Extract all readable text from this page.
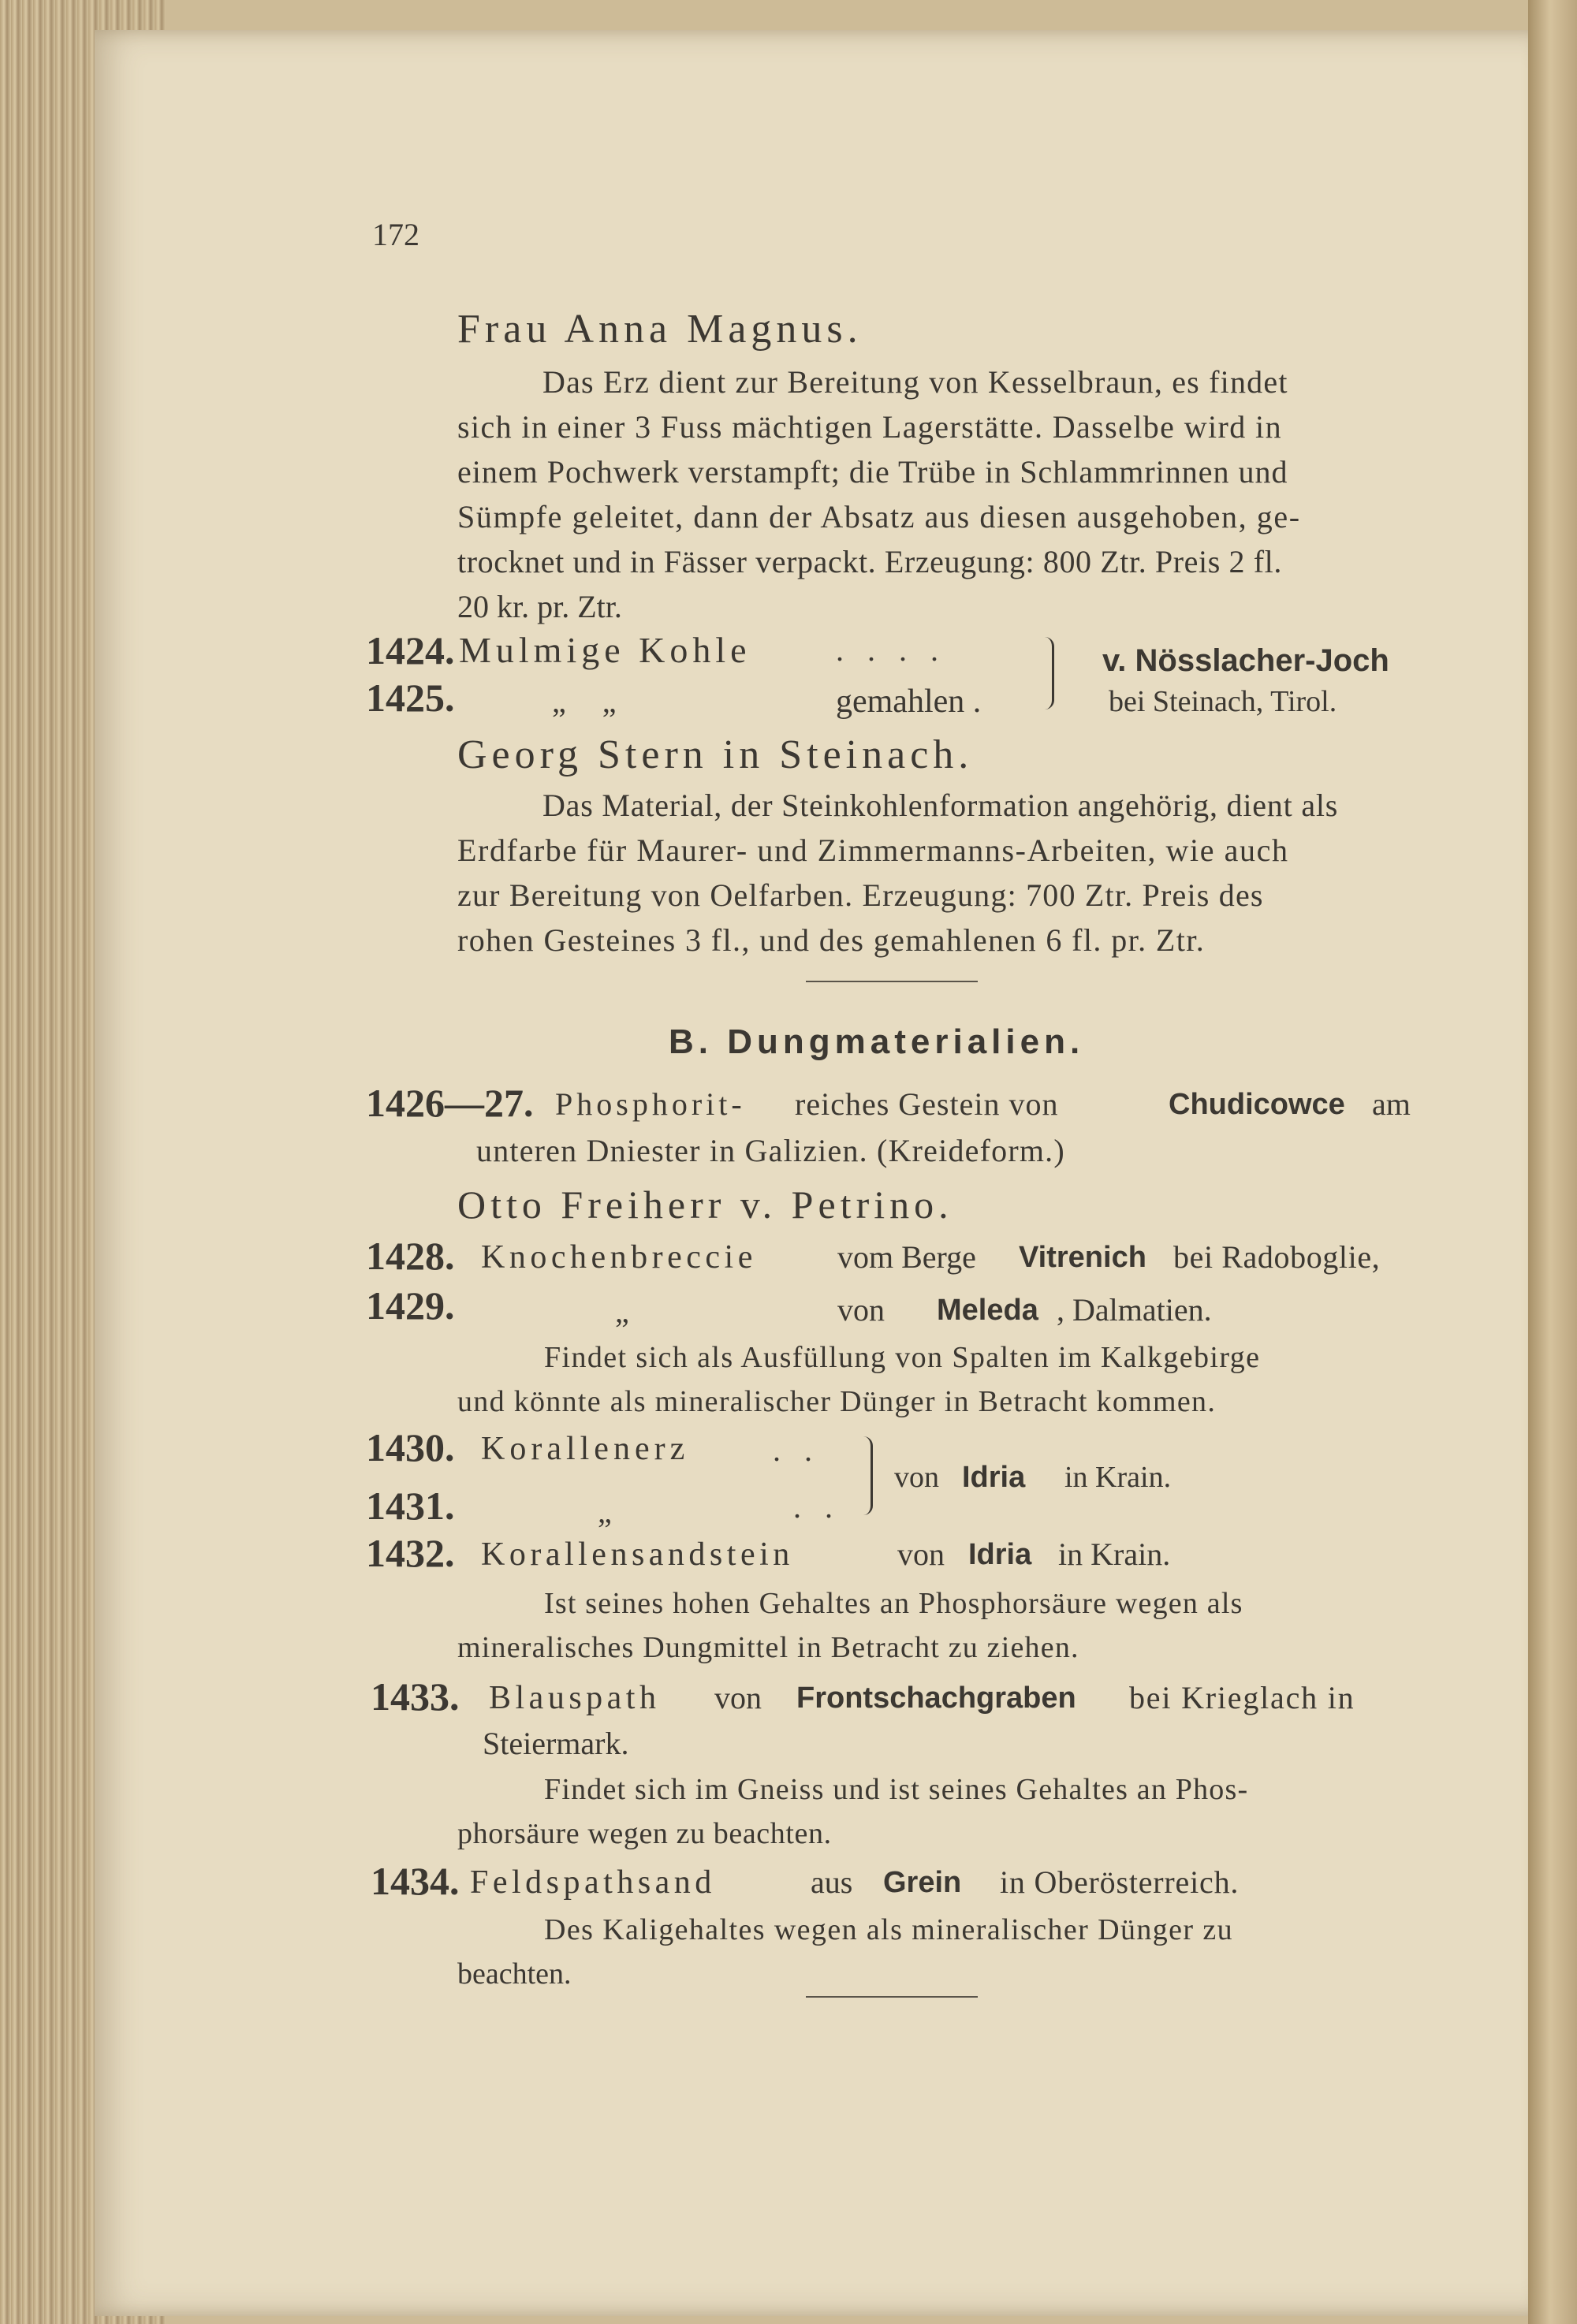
172
Frau Anna Magnus.
Das Erz dient zur Bereitung von Kesselbraun, es findet
sich in einer 3 Fuss mächtigen Lagerstätte. Dasselbe wird in
einem Pochwerk verstampft; die Trübe in Schlammrinnen und
Sümpfe geleitet, dann der Absatz aus diesen ausgehoben, ge-
trocknet und in Fässer verpackt. Erzeugung: 800 Ztr. Preis 2 fl.
20 kr. pr. Ztr.
1424. Mulmige Kohle	. . . .
1425.	„   „	gemahlen .
v. Nösslacher-Joch
bei Steinach, Tirol.
Georg Stern in Steinach.
Das Material, der Steinkohlenformation angehörig, dient als
Erdfarbe für Maurer- und Zimmermanns-Arbeiten, wie auch
zur Bereitung von Oelfarben. Erzeugung: 700 Ztr. Preis des
rohen Gesteines 3 fl., und des gemahlenen 6 fl. pr. Ztr.
B. Dungmaterialien.
1426—27. Phosphorit- reiches Gestein von	Chudicowce am
unteren Dniester in Galizien. (Kreideform.)
Otto Freiherr v. Petrino.
1428. Knochenbreccie	vom Berge Vitrenich bei Radoboglie,
1429.	„	von Meleda , Dalmatien.
Findet sich als Ausfüllung von Spalten im Kalkgebirge
und könnte als mineralischer Dünger in Betracht kommen.
1430. Korallenerz	. .
1431.	„	. .
von Idria in Krain.
1432. Korallensandstein	von Idria in Krain.
Ist seines hohen Gehaltes an Phosphorsäure wegen als
mineralisches Dungmittel in Betracht zu ziehen.
1433. Blauspath von Frontschachgraben bei Krieglach in
Steiermark.
Findet sich im Gneiss und ist seines Gehaltes an Phos-
phorsäure wegen zu beachten.
1434. Feldspathsand	aus Grein in Oberösterreich.
Des Kaligehaltes wegen als mineralischer Dünger zu
beachten.
